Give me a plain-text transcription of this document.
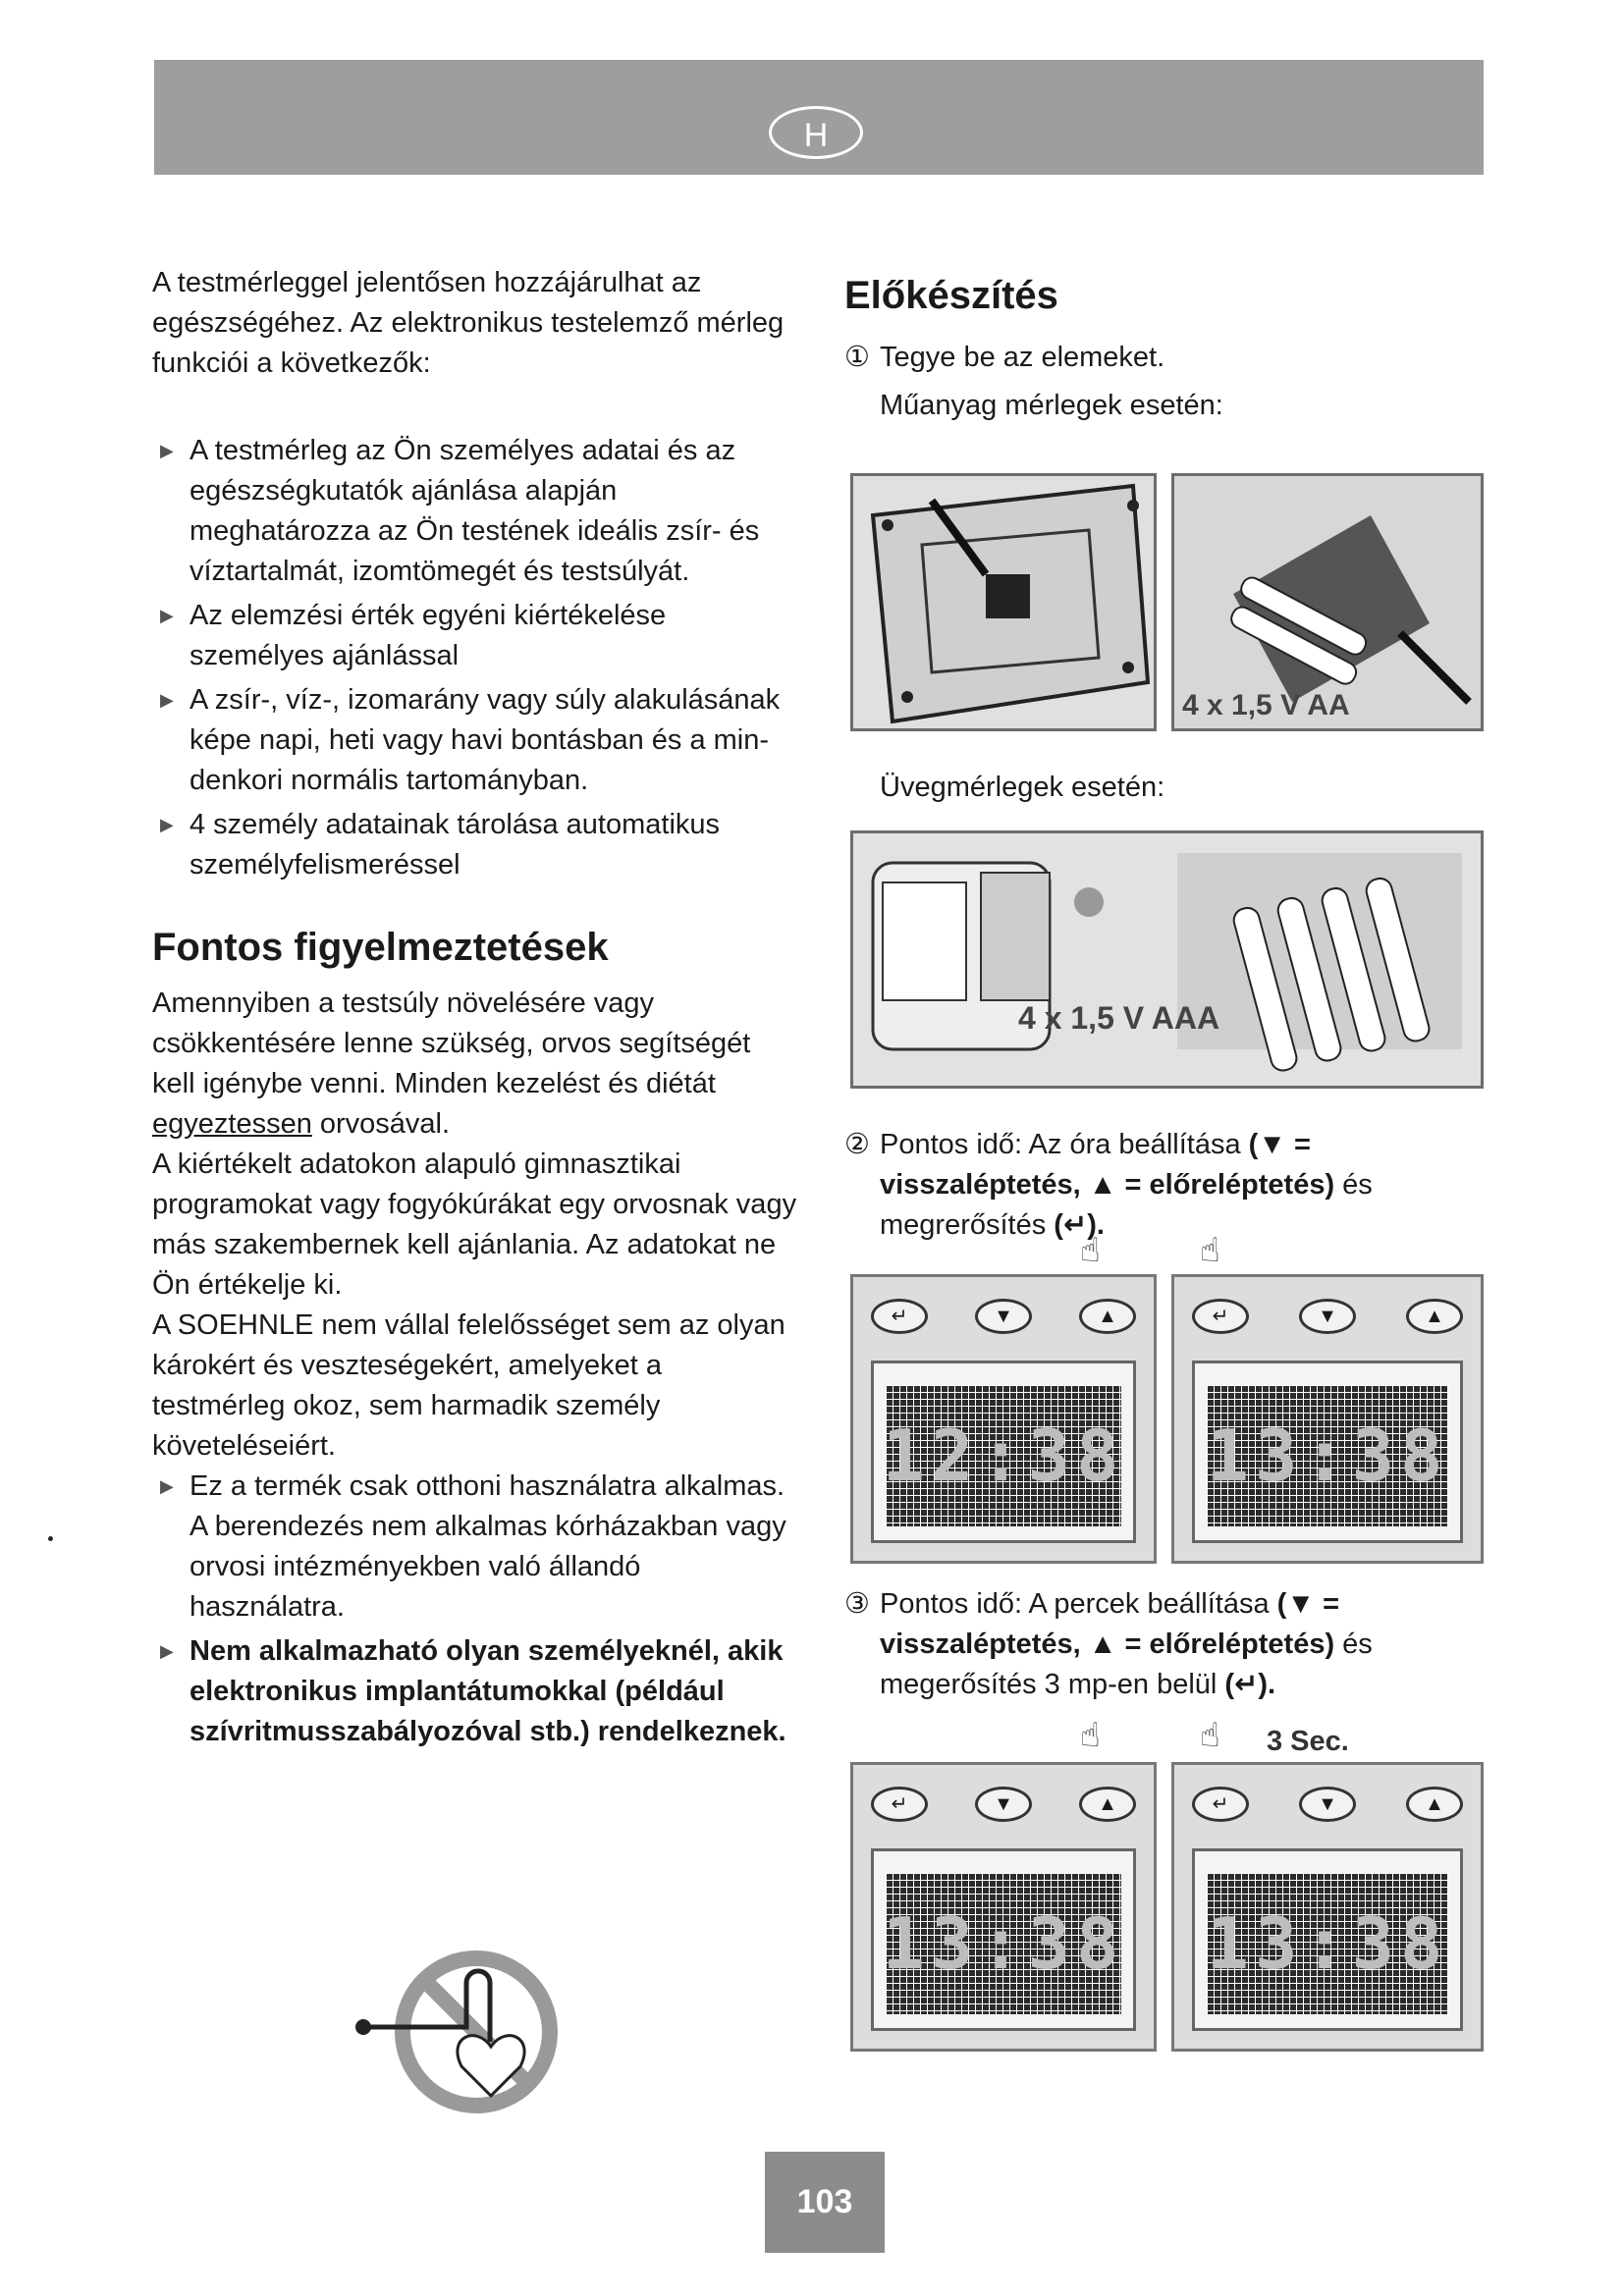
H

A testmérleggel jelentősen hozzájárulhat az egészségéhez. Az elektronikus testelemző mérleg funkciói a következők:

▶ A testmérleg az Ön személyes adatai és az egészségkutatók ajánlása alapján meghatározza az Ön testének ideális zsír- és víztartalmát, izomtömegét és testsúlyát.
▶ Az elemzési érték egyéni kiértékelése személyes ajánlással
▶ A zsír-, víz-, izomarány vagy súly alakulásának képe napi, heti vagy havi bontásban és a min-denkori normális tartományban.
▶ 4 személy adatainak tárolása automatikus személyfelismeréssel
Fontos figyelmeztetések

Amennyiben a testsúly növelésére vagy csökkentésére lenne szükség, orvos segítségét kell igénybe venni. Minden kezelést és diétát egyeztessen orvosával.

A kiértékelt adatokon alapuló gimnasztikai programokat vagy fogyókúrákat egy orvosnak vagy más szakembernek kell ajánlania. Az adatokat ne Ön értékelje ki.

A SOEHNLE nem vállal felelősséget sem az olyan károkért és veszteségekért, amelyeket a testmérleg okoz, sem harmadik személy követeléseiért.

▶ Ez a termék csak otthoni használatra alkalmas. A berendezés nem alkalmas kórházakban vagy orvosi intézményekben való állandó használatra.
▶ Nem alkalmazható olyan személyeknél, akik elektronikus implantátumokkal (például szívritmusszabályozóval stb.) rendelkeznek.
Előkészítés

① Tegye be az elemeket.

Műanyag mérlegek esetén:

4 x 1,5 V AA

Üvegmérlegek esetén:

4 x 1,5 V AAA

② Pontos idő: Az óra beállítása (▼ = visszaléptetés, ▲ = előreléptetés) és megrerősítés (↵).

↵	▼	▲
12:38
☝
↵	▼	▲
13:38
☝

③ Pontos idő: A percek beállítása (▼ = visszaléptetés, ▲ = előreléptetés) és megerősítés 3 mp-en belül (↵).

↵	▼	▲
13:38
☝
↵	▼	▲
13:38
☝ 3 Sec.
103
